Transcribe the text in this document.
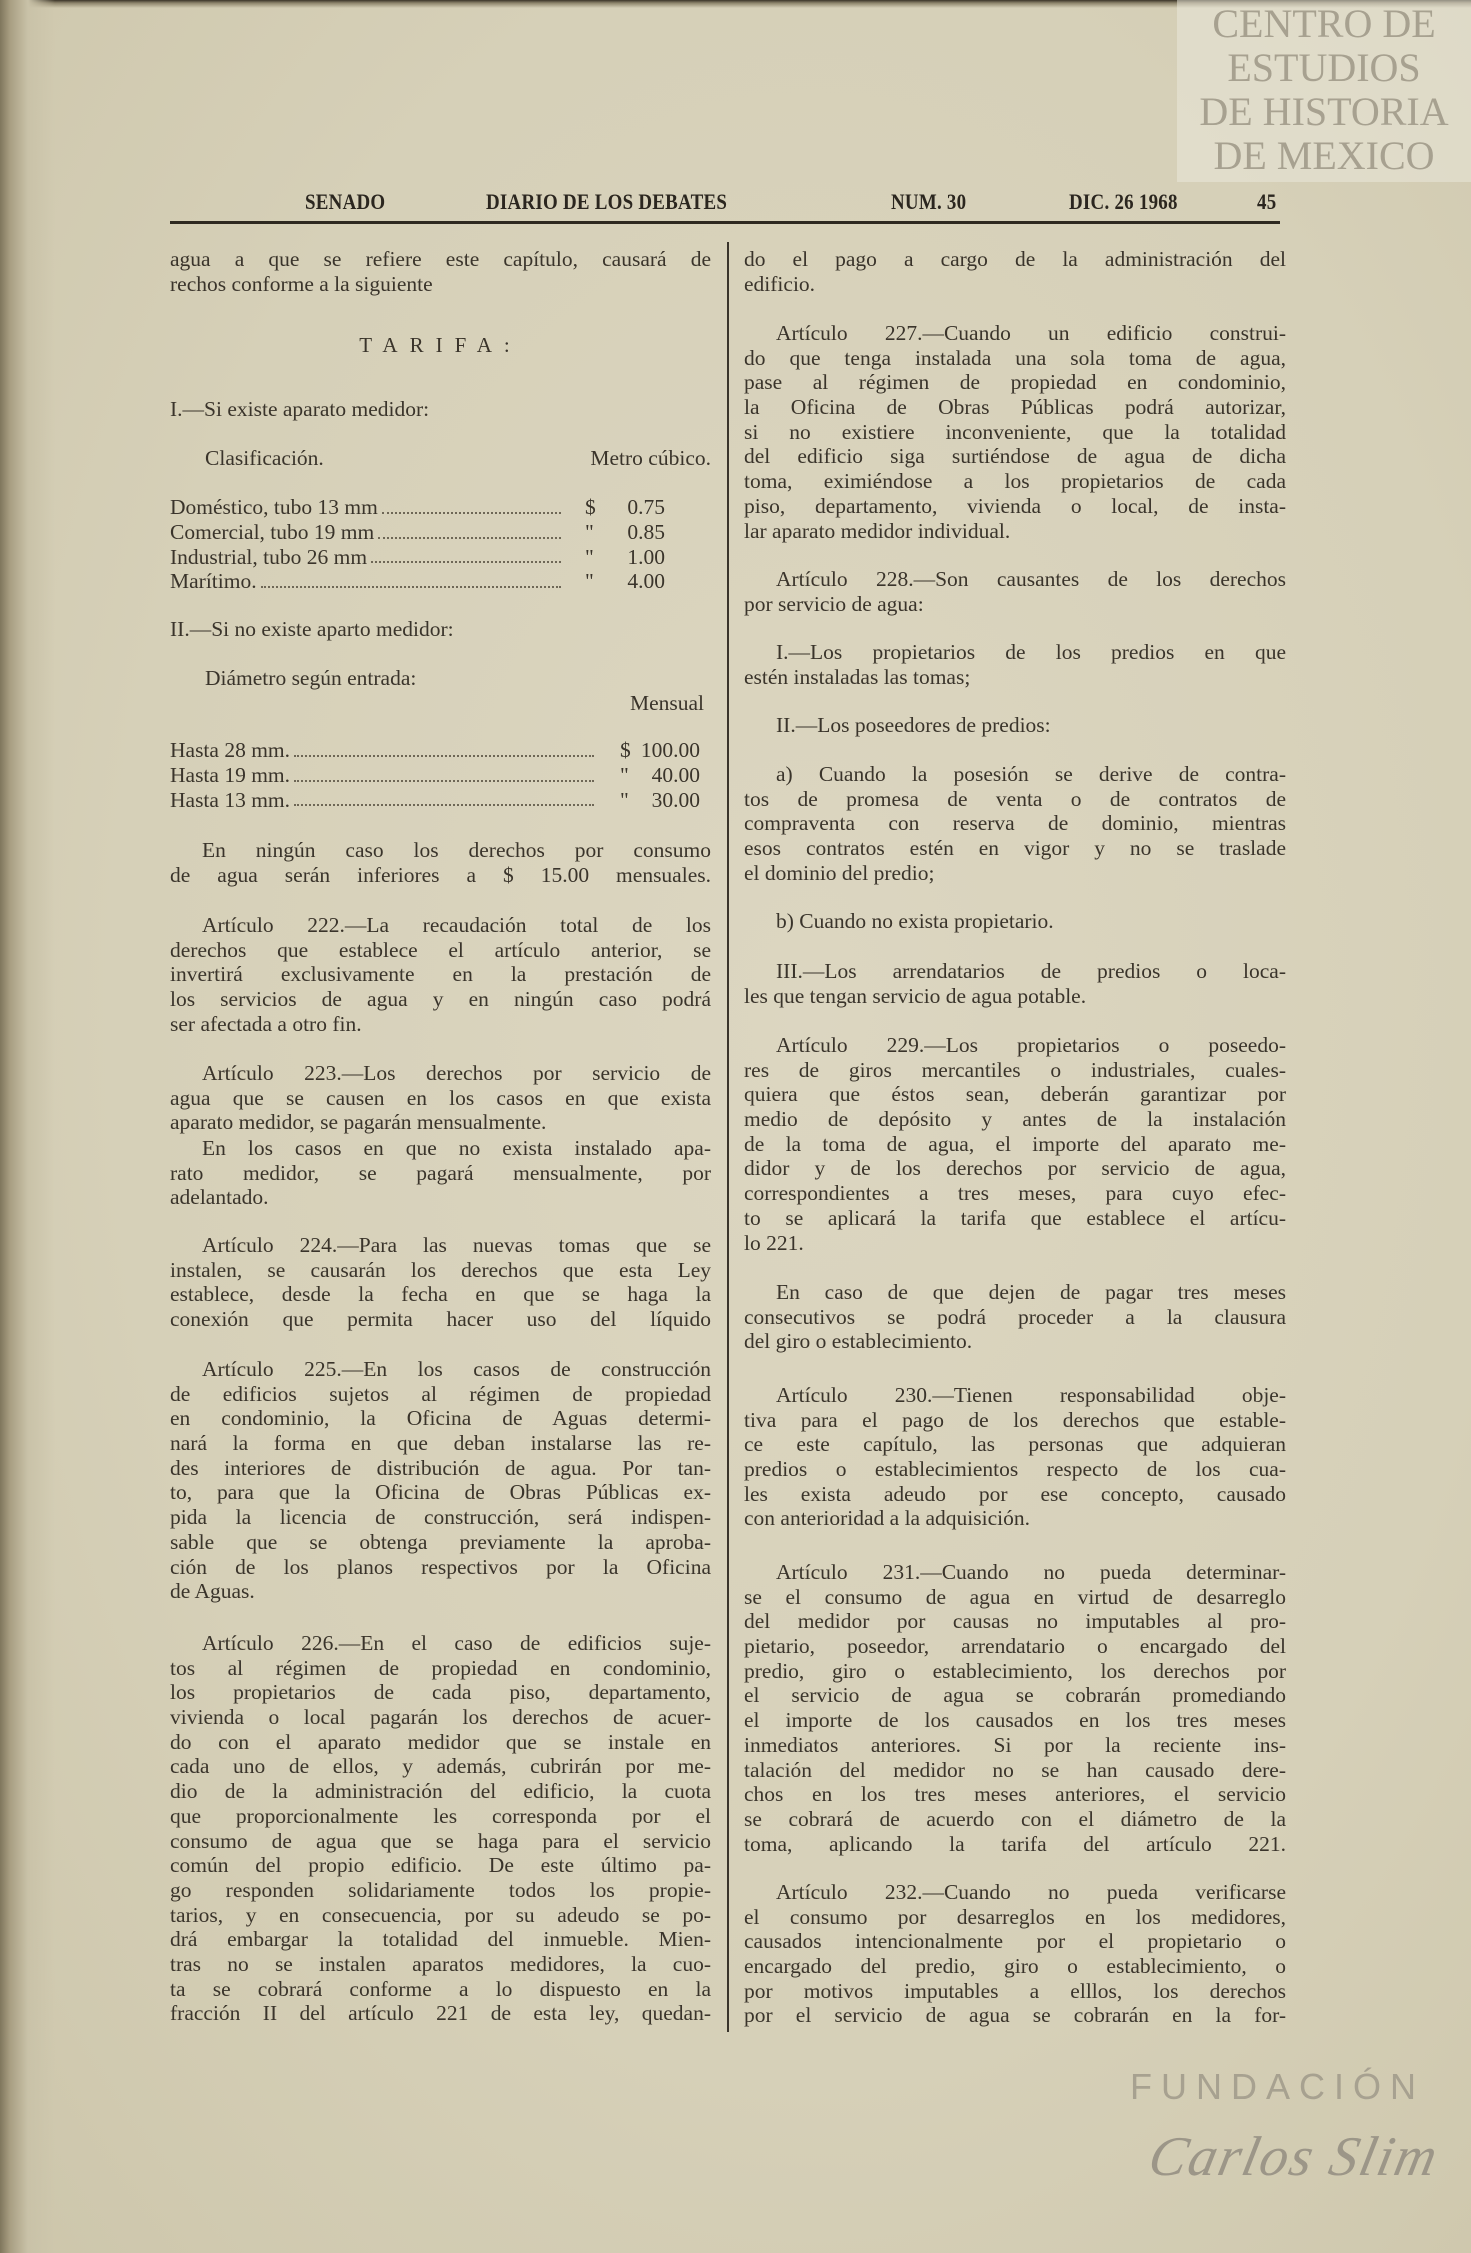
CENTRO DE
ESTUDIOS
DE HISTORIA
DE MEXICO
FUNDACIÓN
Carlos Slim
SENADO	DIARIO DE LOS DEBATES	NUM. 30	DIC. 26 1968	45
agua a que se refiere este capítulo, causará de
rechos conforme a la siguiente
TARIFA:
I.—Si existe aparato medidor:
Clasificación.	Metro cúbico.
Doméstico, tubo 13 mm	$	0.75
Comercial, tubo 19 mm	"	0.85
Industrial, tubo 26 mm	"	1.00
Marítimo.	"	4.00
II.—Si no existe aparto medidor:
Diámetro según entrada:
Mensual
Hasta 28 mm.	$ 100.00
Hasta 19 mm.	"	40.00
Hasta 13 mm.	"	30.00
En ningún caso los derechos por consumo
de agua serán inferiores a $ 15.00 mensuales.
Artículo 222.—La recaudación total de los
derechos que establece el artículo anterior, se
invertirá exclusivamente en la prestación de
los servicios de agua y en ningún caso podrá
ser afectada a otro fin.
Artículo 223.—Los derechos por servicio de
agua que se causen en los casos en que exista
aparato medidor, se pagarán mensualmente.
En los casos en que no exista instalado apa-
rato medidor, se pagará mensualmente, por
adelantado.
Artículo 224.—Para las nuevas tomas que se
instalen, se causarán los derechos que esta Ley
establece, desde la fecha en que se haga la
conexión que permita hacer uso del líquido
Artículo 225.—En los casos de construcción
de edificios sujetos al régimen de propiedad
en condominio, la Oficina de Aguas determi-
nará la forma en que deban instalarse las re-
des interiores de distribución de agua. Por tan-
to, para que la Oficina de Obras Públicas ex-
pida la licencia de construcción, será indispen-
sable que se obtenga previamente la aproba-
ción de los planos respectivos por la Oficina
de Aguas.
Artículo 226.—En el caso de edificios suje-
tos al régimen de propiedad en condominio,
los propietarios de cada piso, departamento,
vivienda o local pagarán los derechos de acuer-
do con el aparato medidor que se instale en
cada uno de ellos, y además, cubrirán por me-
dio de la administración del edificio, la cuota
que proporcionalmente les corresponda por el
consumo de agua que se haga para el servicio
común del propio edificio. De este último pa-
go responden solidariamente todos los propie-
tarios, y en consecuencia, por su adeudo se po-
drá embargar la totalidad del inmueble. Mien-
tras no se instalen aparatos medidores, la cuo-
ta se cobrará conforme a lo dispuesto en la
fracción II del artículo 221 de esta ley, quedan-
do el pago a cargo de la administración del
edificio.
Artículo 227.—Cuando un edificio construi-
do que tenga instalada una sola toma de agua,
pase al régimen de propiedad en condominio,
la Oficina de Obras Públicas podrá autorizar,
si no existiere inconveniente, que la totalidad
del edificio siga surtiéndose de agua de dicha
toma, eximiéndose a los propietarios de cada
piso, departamento, vivienda o local, de insta-
lar aparato medidor individual.
Artículo 228.—Son causantes de los derechos
por servicio de agua:
I.—Los propietarios de los predios en que
estén instaladas las tomas;
II.—Los poseedores de predios:
a) Cuando la posesión se derive de contra-
tos de promesa de venta o de contratos de
compraventa con reserva de dominio, mientras
esos contratos estén en vigor y no se traslade
el dominio del predio;
b) Cuando no exista propietario.
III.—Los arrendatarios de predios o loca-
les que tengan servicio de agua potable.
Artículo 229.—Los propietarios o poseedo-
res de giros mercantiles o industriales, cuales-
quiera que éstos sean, deberán garantizar por
medio de depósito y antes de la instalación
de la toma de agua, el importe del aparato me-
didor y de los derechos por servicio de agua,
correspondientes a tres meses, para cuyo efec-
to se aplicará la tarifa que establece el artícu-
lo 221.
En caso de que dejen de pagar tres meses
consecutivos se podrá proceder a la clausura
del giro o establecimiento.
Artículo 230.—Tienen responsabilidad obje-
tiva para el pago de los derechos que estable-
ce este capítulo, las personas que adquieran
predios o establecimientos respecto de los cua-
les exista adeudo por ese concepto, causado
con anterioridad a la adquisición.
Artículo 231.—Cuando no pueda determinar-
se el consumo de agua en virtud de desarreglo
del medidor por causas no imputables al pro-
pietario, poseedor, arrendatario o encargado del
predio, giro o establecimiento, los derechos por
el servicio de agua se cobrarán promediando
el importe de los causados en los tres meses
inmediatos anteriores. Si por la reciente ins-
talación del medidor no se han causado dere-
chos en los tres meses anteriores, el servicio
se cobrará de acuerdo con el diámetro de la
toma, aplicando la tarifa del artículo 221.
Artículo 232.—Cuando no pueda verificarse
el consumo por desarreglos en los medidores,
causados intencionalmente por el propietario o
encargado del predio, giro o establecimiento, o
por motivos imputables a elllos, los derechos
por el servicio de agua se cobrarán en la for-
